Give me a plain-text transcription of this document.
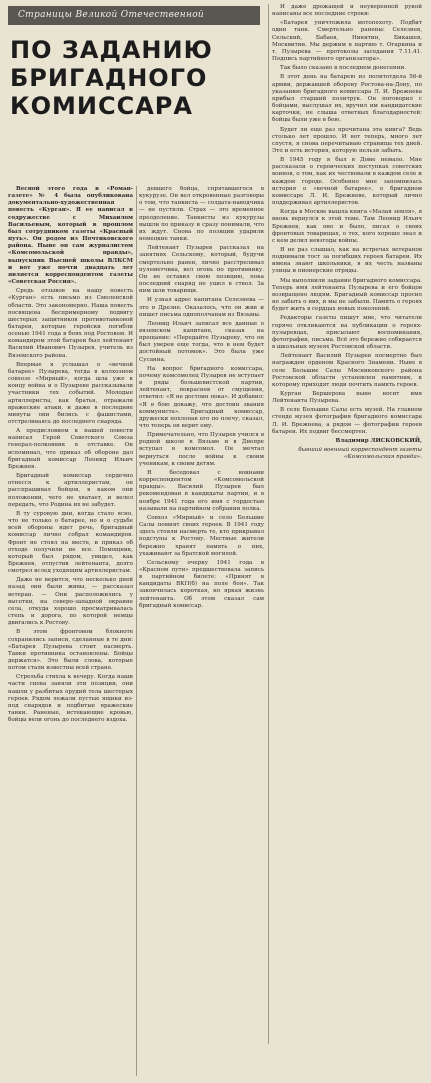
Страницы Великой Отечественной
ПО ЗАДАНИЮ
БРИГАДНОГО
КОМИССАРА

Весной этого года в «Роман-газете» № 4 была опубликована документально-художественная повесть «Курган». Я ее написал в содружестве с Михаилом Васильевым, который в прошлом был сотрудником газеты «Красный путь». Он родом из Почтиковского района. Ныне он сам журналистом «Комсомольской правды», выпускник Высшей школы ВЛКСМ и вот уже почти двадцать лет является корреспондентом газеты «Советская Россия».

Средь отзывов на нашу повесть «Курган» есть письмо из Смоленской области. Это закономерно. Наша повесть посвящена беспримерному подвигу шестерых защитников противотанковой батареи, которые геройски погибли осенью 1941 года в боях под Ростовом. И командиром этой батареи был лейтенант Василий Иванович Пузырев, учитель из Вяземского района.

Впервые я услышал о «вечной батарее» Пузырева, тогда в колхозном совхозе «Мирный», когда шла уже к концу война и о Пузыреве рассказывали участники тех событий. Молодые артиллеристы, как братья, отражали вражеские атаки, и даже в последние минуты они бились с фашистами, отстреливаясь до последнего снаряда.

А предисловием к нашей повести написал Герой Советского Союза генерал-полковник в отставке. Он вспоминал, что приказ об обороне дал бригадный комиссар Леонид Ильич Брежнев.

Бригадный комиссар сердечно отнесся к артиллеристам, он расспрашивал бойцов, в каком они положении, чего не хватает, и велел передать, что Родина их не забудет.

В ту суровую дни, когда стало ясно, что не только о батарее, но и о судьбе всей обороны идет речь, бригадный комиссар лично собрал командиров. Фронт не стоял на месте, и приказ об отходе получили не все. Помощник, который был рядом, увидел, как Брежнев, отпустив лейтенанта, долго смотрел вслед уходящим артиллеристам.

Даже не верится, что несколько дней назад они были живы, — рассказал ветеран. — Они расположились у высотки, на северо-западной окраине села, откуда хорошо просматривалась степь и дорога, по которой немцы двигались к Ростову.

В этом фронтовом блокноте сохранились записи, сделанные в те дни: «Батарея Пузырева стоит насмерть. Танки противника остановлены. Бойцы держатся». Это были слова, которые потом стали известны всей стране.

Стрельба стихла к вечеру. Когда наши части снова заняли эти позиции, они нашли у разбитых орудий тела шестерых героев. Рядом лежали пустые ящики из-под снарядов и подбитые вражеские танки. Раненые, истекающие кровью, бойцы вели огонь до последнего вздоха.

девшего бойца, спрятавшегося в кукурузе. Он вел откровенные разговоры о том, что танкиста — солдата-наводчика — не пустили. Страх — это временное преодоление. Танкисты из кукурузы вышли по приказу и сразу понимали, что их ждут. Снова по позиции ударили немецкие танки.

Лейтенант Пузырев рассказал на занятиях Сельскому, который, будучи смертельно ранен, лично расстреливал пулеметчика, вел огонь по противнику. Он не оставил свою позицию, пока последний снаряд не ушел в ствол. За ним шли товарищи.

И узнал адрес капитана Селезнева — это в Дрезне. Оказалось, что он жив и пишет письма однополчанам из Вязьмы.

Леонид Ильич записал все данные о вяземском капитане, сказав на прощание: «Передайте Пузыреву, что он был уверен еще тогда, что в нем будет достойный потомок». Это была уже Сусанна.

На вопрос бригадного комиссара, почему комсомолец Пузырев не вступает в ряды большевистской партии, лейтенант, покраснев от смущения, ответил: «Я не достоин пока». И добавил: «Я в бою докажу, что достоин звания коммуниста». Бригадный комиссар, дружески похлопав его по плечу, сказал, что теперь он верит ему.

Примечательно, что Пузырев учился в родной школе в Вязьме и в Днепре вступал в комсомол. Он мечтал вернуться после войны к своим ученикам, к своим детям.

Я беседовал с воинами корреспондентом «Комсомольской правды». Василий Пузырев был рекомендован в кандидаты партии, и в ноябре 1941 года его имя с гордостью называли на партийном собрании полка.

Совхоз «Мирный» и село Большие Салы помнят своих героев. В 1941 году здесь стояли насмерть те, кто прикрывал подступы к Ростову. Местные жители бережно хранят память о них, ухаживают за братской могилой.

Сельскому очерку 1941 года в «Красном пути» предшествовала запись в партийном билете: «Принят в кандидаты ВКП(б) на поле боя». Так закончилась короткая, но яркая жизнь лейтенанта. Об этом сказал сам бригадный комиссар.

И даже дрожащей и неуверенной рукой написаны все последние строки:

«Батарея уничтожила мотопехоту. Подбит один танк. Смертельно ранены: Селезнев, Сельский, Бабаев, Никитин, Бикашев, Москвитин. Мы держим в партию т. Огаркина и т. Пузырева — протоколы заседания 7.11.41. Подпись партийного организатора».

Так было сказано в последнем донесении.

В этот день на батарею из политотдела 56-й армии, державшей оборону Ростова-на-Дону, по указанию бригадного комиссара Л. И. Брежнева прибыл старший политрук. Он поговорил с бойцами, выслушал их, вручил им кандидатские карточки, не слыша ответных благодарностей: бойцы были уже в бою.

Будет ли еще раз прочитана эта книга? Ведь столько лет прошло. И вот теперь, много лет спустя, я снова перечитываю страницы тех дней. Это и есть история, которую нельзя забыть.

В 1945 году я был в Доме немало. Мне рассказали о героических поступках советских воинов, о том, как их чествовали в каждом селе и каждом городе. Особенно мне запомнилась история о «вечной батарее», о бригадном комиссаре Л. И. Брежневе, который лично поддерживал артиллеристов.

Когда в Москве вышла книга «Малая земля», я вновь вернулся к этой теме. Там Леонид Ильич Брежнев, как оно и было, писал о своих фронтовых товарищах, о тех, кого хорошо знал и с кем делил невзгоды войны.

Я не раз слышал, как на встречах ветеранов поднимали тост за погибших героев батареи. Их имена знают школьники, в их честь названы улицы и пионерские отряды.

Мы выполнили задание бригадного комиссара. Теперь имя лейтенанта Пузырева и его бойцов возвращено людям. Бригадный комиссар просил не забыть о них, и мы не забыли. Память о героях будет жить в сердцах новых поколений.

Редакторы газеты пишут мне, что читатели горячо откликаются на публикации о героях-пузыревцах, присылают воспоминания, фотографии, письма. Всё это бережно собирается в школьных музеях Ростовской области.

Лейтенант Василий Пузырев посмертно был награжден орденом Красного Знамени. Ныне в селе Большие Салы Мясниковского района Ростовской области установлен памятник, к которому приходят люди почтить память героев.

Курган Бершерова ныне носит имя Лейтенанта Пузырева.

В селе Большие Салы есть музей. На главном стенде музея фотография бригадного комиссара Л. И. Брежнева, а рядом — фотографии героев батареи. Их подвиг бессмертен.

Владимир ЛИСКОВСКИЙ,

бывший военный корреспондент газеты «Комсомольская правда».
